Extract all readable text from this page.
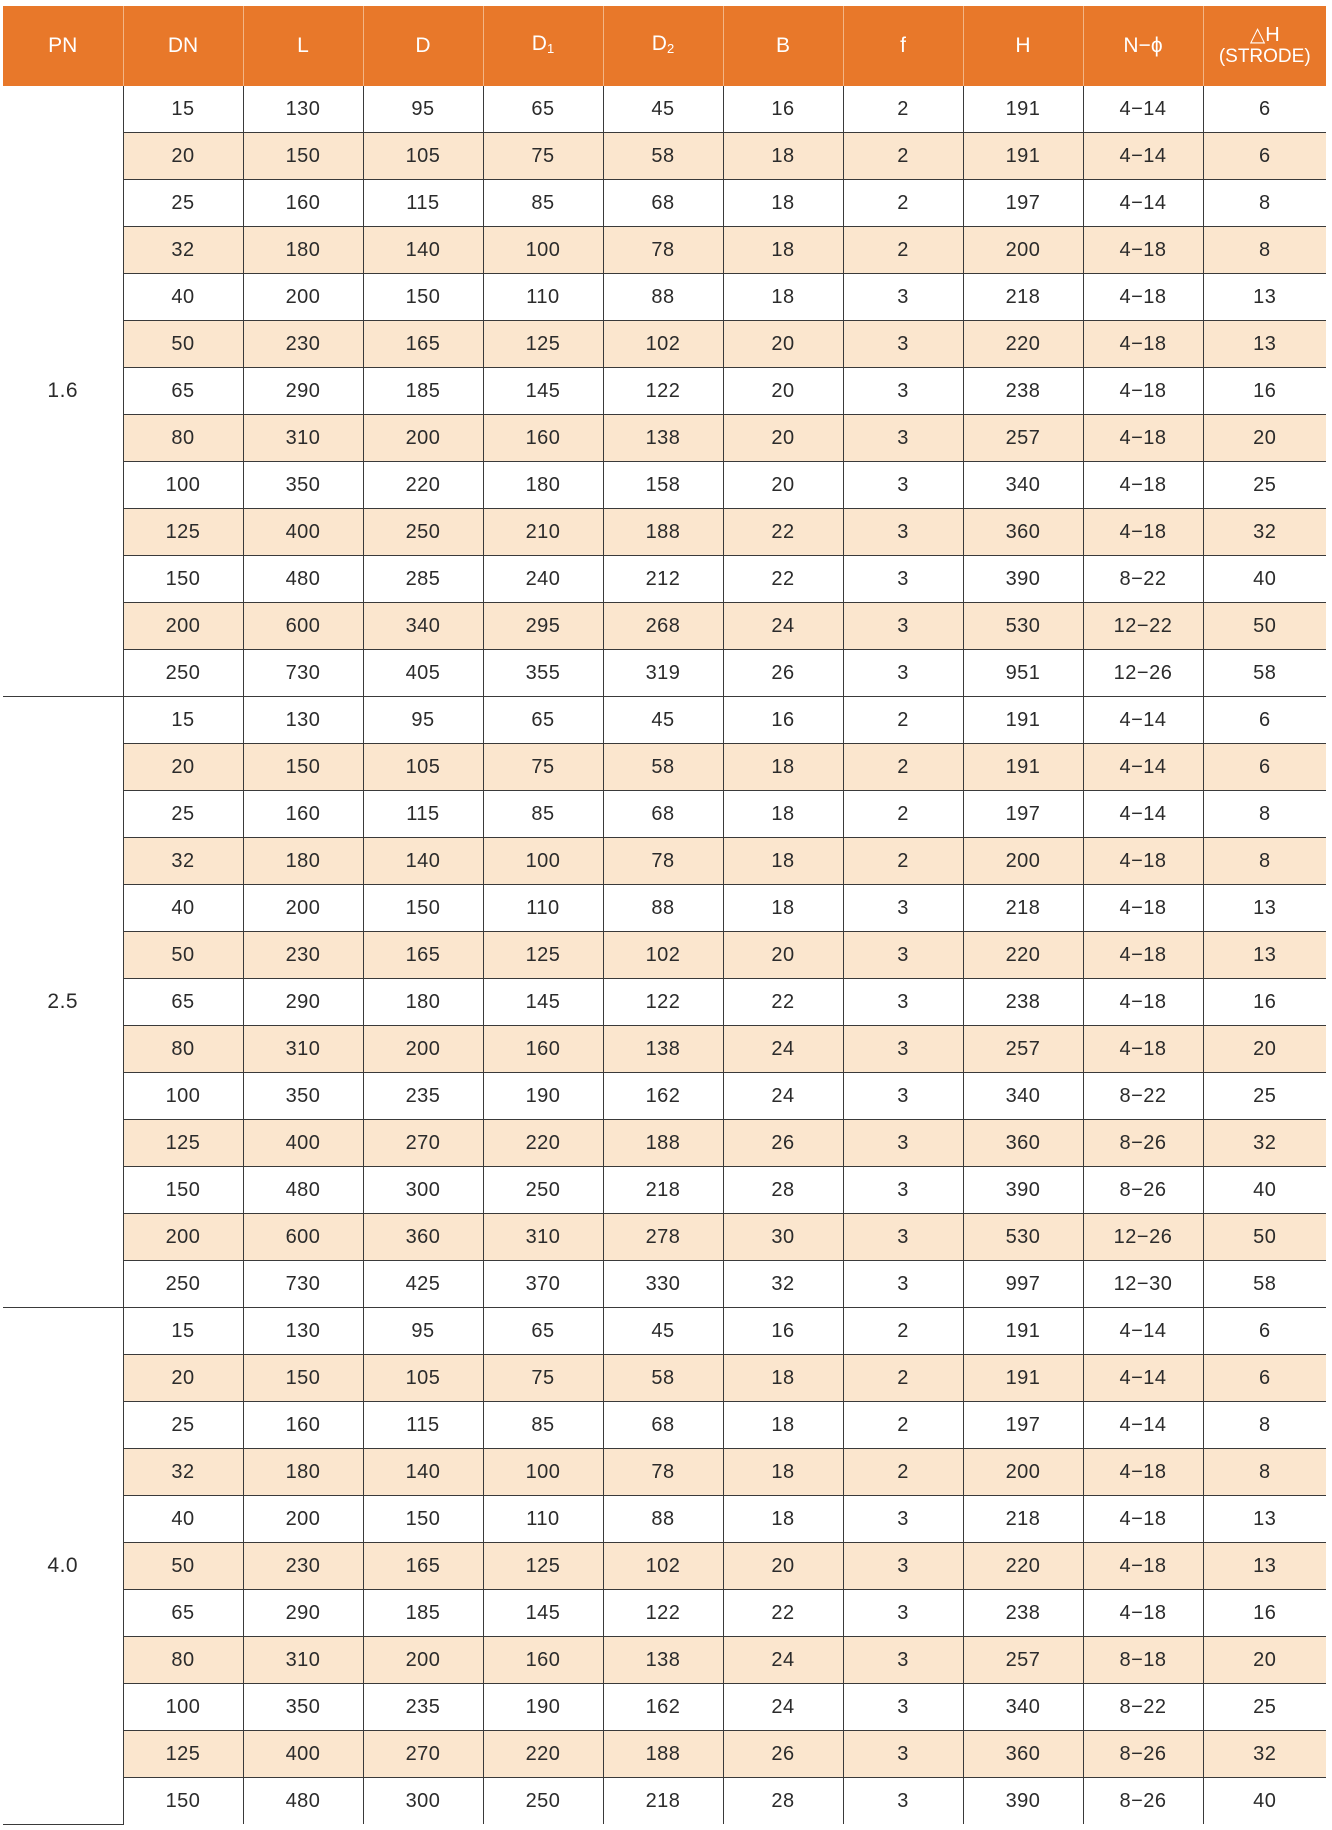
PN	DN	L	D	$D_1$	$D_2$	B	f	H	N−ϕ	△H
(STRODE)

1.6	15	130	95	65	45	16	2	191	4−14	6
	20	150	105	75	58	18	2	191	4−14	6
	25	160	115	85	68	18	2	197	4−14	8
	32	180	140	100	78	18	2	200	4−18	8
	40	200	150	110	88	18	3	218	4−18	13
	50	230	165	125	102	20	3	220	4−18	13
	65	290	185	145	122	20	3	238	4−18	16
	80	310	200	160	138	20	3	257	4−18	20
	100	350	220	180	158	20	3	340	4−18	25
	125	400	250	210	188	22	3	360	4−18	32
	150	480	285	240	212	22	3	390	8−22	40
	200	600	340	295	268	24	3	530	12−22	50
	250	730	405	355	319	26	3	951	12−26	58
2.5	15	130	95	65	45	16	2	191	4−14	6
	20	150	105	75	58	18	2	191	4−14	6
	25	160	115	85	68	18	2	197	4−14	8
	32	180	140	100	78	18	2	200	4−18	8
	40	200	150	110	88	18	3	218	4−18	13
	50	230	165	125	102	20	3	220	4−18	13
	65	290	180	145	122	22	3	238	4−18	16
	80	310	200	160	138	24	3	257	4−18	20
	100	350	235	190	162	24	3	340	8−22	25
	125	400	270	220	188	26	3	360	8−26	32
	150	480	300	250	218	28	3	390	8−26	40
	200	600	360	310	278	30	3	530	12−26	50
	250	730	425	370	330	32	3	997	12−30	58
4.0	15	130	95	65	45	16	2	191	4−14	6
	20	150	105	75	58	18	2	191	4−14	6
	25	160	115	85	68	18	2	197	4−14	8
	32	180	140	100	78	18	2	200	4−18	8
	40	200	150	110	88	18	3	218	4−18	13
	50	230	165	125	102	20	3	220	4−18	13
	65	290	185	145	122	22	3	238	4−18	16
	80	310	200	160	138	24	3	257	8−18	20
	100	350	235	190	162	24	3	340	8−22	25
	125	400	270	220	188	26	3	360	8−26	32
	150	480	300	250	218	28	3	390	8−26	40
